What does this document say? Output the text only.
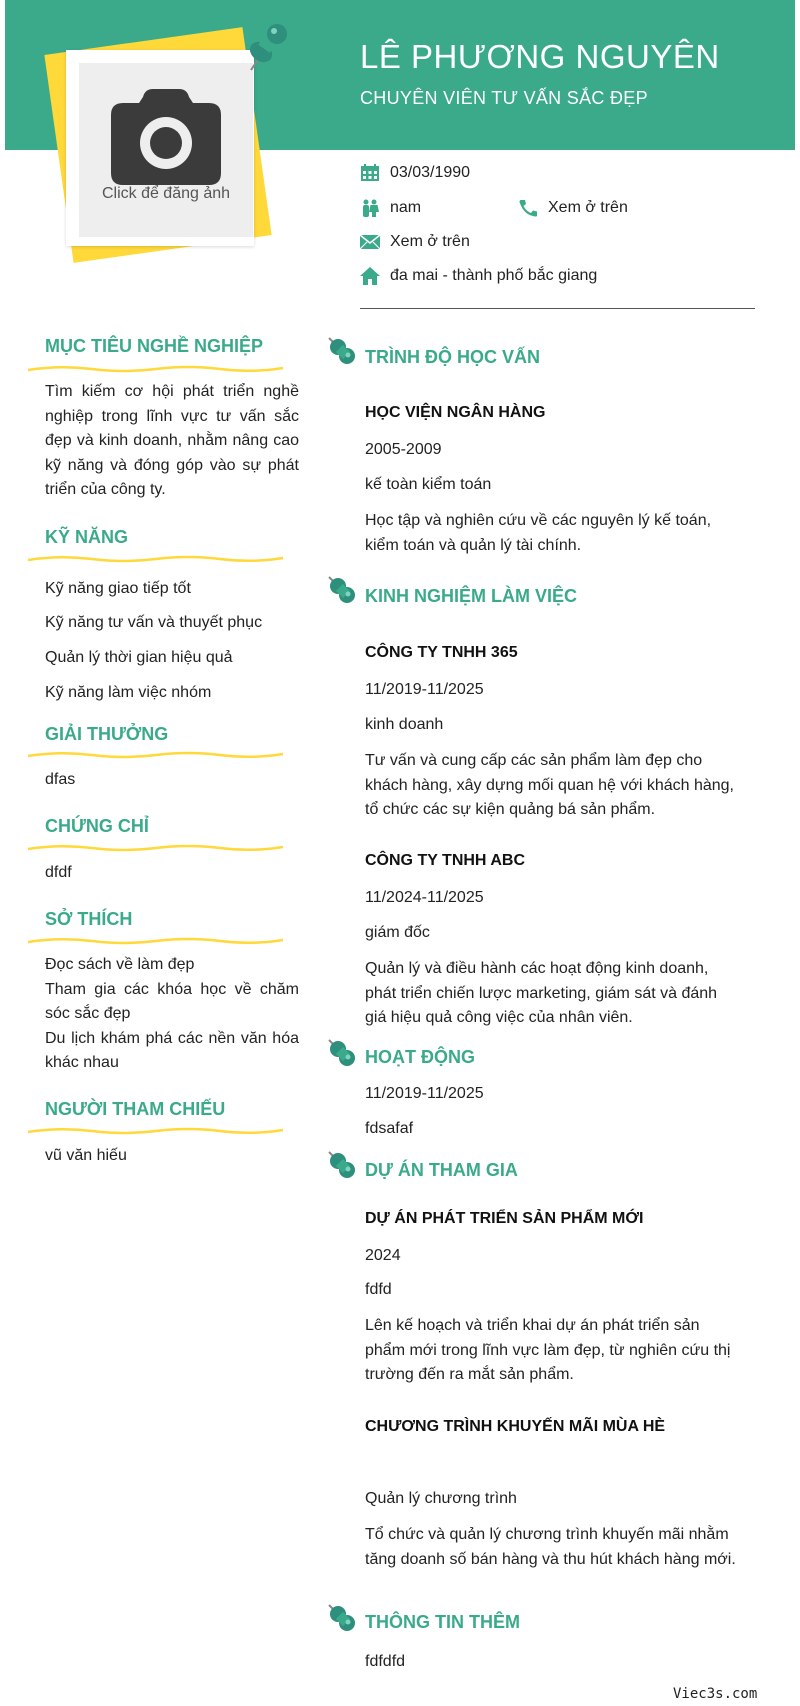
LÊ PHƯƠNG NGUYÊN
CHUYÊN VIÊN TƯ VẤN SẮC ĐẸP
Click để đăng ảnh
03/03/1990
nam	Xem ở trên
Xem ở trên
đa mai - thành phố bắc giang
MỤC TIÊU NGHỀ NGHIỆP
Tìm kiếm cơ hội phát triển nghề nghiệp trong lĩnh vực tư vấn sắc đẹp và kinh doanh, nhằm nâng cao kỹ năng và đóng góp vào sự phát triển của công ty.
KỸ NĂNG
Kỹ năng giao tiếp tốt
Kỹ năng tư vấn và thuyết phục
Quản lý thời gian hiệu quả
Kỹ năng làm việc nhóm
GIẢI THƯỞNG
dfas
CHỨNG CHỈ
dfdf
SỞ THÍCH
Đọc sách về làm đẹp
Tham gia các khóa học về chăm sóc sắc đẹp
Du lịch khám phá các nền văn hóa khác nhau
NGƯỜI THAM CHIẾU
vũ văn hiếu
TRÌNH ĐỘ HỌC VẤN
HỌC VIỆN NGÂN HÀNG
2005-2009
kế toàn kiểm toán
Học tập và nghiên cứu về các nguyên lý kế toán, kiểm toán và quản lý tài chính.
KINH NGHIỆM LÀM VIỆC
CÔNG TY TNHH 365
11/2019-11/2025
kinh doanh
Tư vấn và cung cấp các sản phẩm làm đẹp cho khách hàng, xây dựng mối quan hệ với khách hàng, tổ chức các sự kiện quảng bá sản phẩm.
CÔNG TY TNHH ABC
11/2024-11/2025
giám đốc
Quản lý và điều hành các hoạt động kinh doanh, phát triển chiến lược marketing, giám sát và đánh giá hiệu quả công việc của nhân viên.
HOẠT ĐỘNG
11/2019-11/2025
fdsafaf
DỰ ÁN THAM GIA
DỰ ÁN PHÁT TRIỂN SẢN PHẨM MỚI
2024
fdfd
Lên kế hoạch và triển khai dự án phát triển sản phẩm mới trong lĩnh vực làm đẹp, từ nghiên cứu thị trường đến ra mắt sản phẩm.
CHƯƠNG TRÌNH KHUYẾN MÃI MÙA HÈ
Quản lý chương trình
Tổ chức và quản lý chương trình khuyến mãi nhằm tăng doanh số bán hàng và thu hút khách hàng mới.
THÔNG TIN THÊM
fdfdfd
Viec3s.com
